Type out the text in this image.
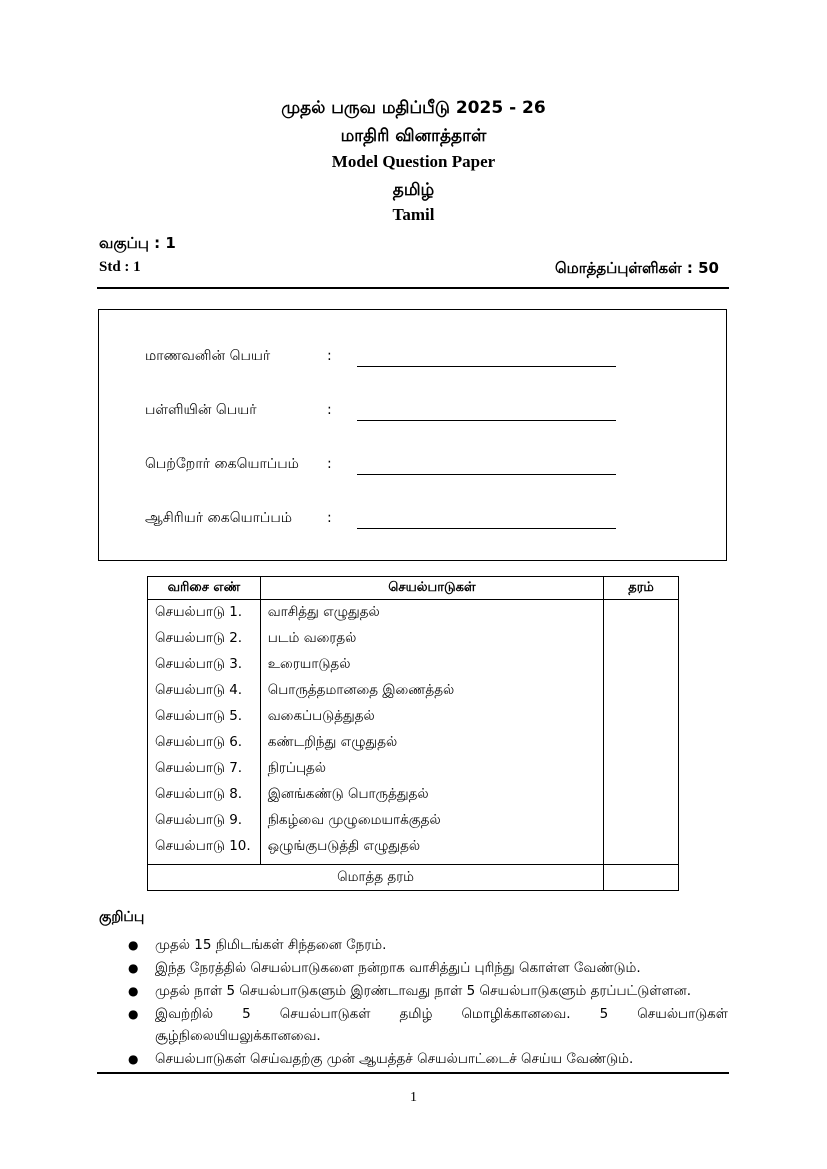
முதல் பருவ மதிப்பீடு 2025 - 26
மாதிரி வினாத்தாள்
Model Question Paper
தமிழ்
Tamil
வகுப்பு : 1
Std : 1	மொத்தப்புள்ளிகள் : 50
மாணவனின் பெயர்	:
பள்ளியின் பெயர்	:
பெற்றோர் கையொப்பம் :
ஆசிரியர் கையொப்பம் :
வரிசை எண்	செயல்பாடுகள்	தரம்
செயல்பாடு 1.	வாசித்து எழுதுதல்	
செயல்பாடு 2.	படம் வரைதல்	
செயல்பாடு 3.	உரையாடுதல்	
செயல்பாடு 4.	பொருத்தமானதை இணைத்தல்	
செயல்பாடு 5.	வகைப்படுத்துதல்	
செயல்பாடு 6.	கண்டறிந்து எழுதுதல்	
செயல்பாடு 7.	நிரப்புதல்	
செயல்பாடு 8.	இனங்கண்டு பொருத்துதல்	
செயல்பாடு 9.	நிகழ்வை முழுமையாக்குதல்	
செயல்பாடு 10.	ஒழுங்குபடுத்தி எழுதுதல்	
மொத்த தரம்		
குறிப்பு
● முதல் 15 நிமிடங்கள் சிந்தனை நேரம்.
● இந்த நேரத்தில் செயல்பாடுகளை நன்றாக வாசித்துப் புரிந்து கொள்ள வேண்டும்.
● முதல் நாள் 5 செயல்பாடுகளும் இரண்டாவது நாள் 5 செயல்பாடுகளும் தரப்பட்டுள்ளன.
● இவற்றில் 5 செயல்பாடுகள் தமிழ் மொழிக்கானவை. 5 செயல்பாடுகள் சூழ்நிலையியலுக்கானவை.
● செயல்பாடுகள் செய்வதற்கு முன் ஆயத்தச் செயல்பாட்டைச் செய்ய வேண்டும்.
1
